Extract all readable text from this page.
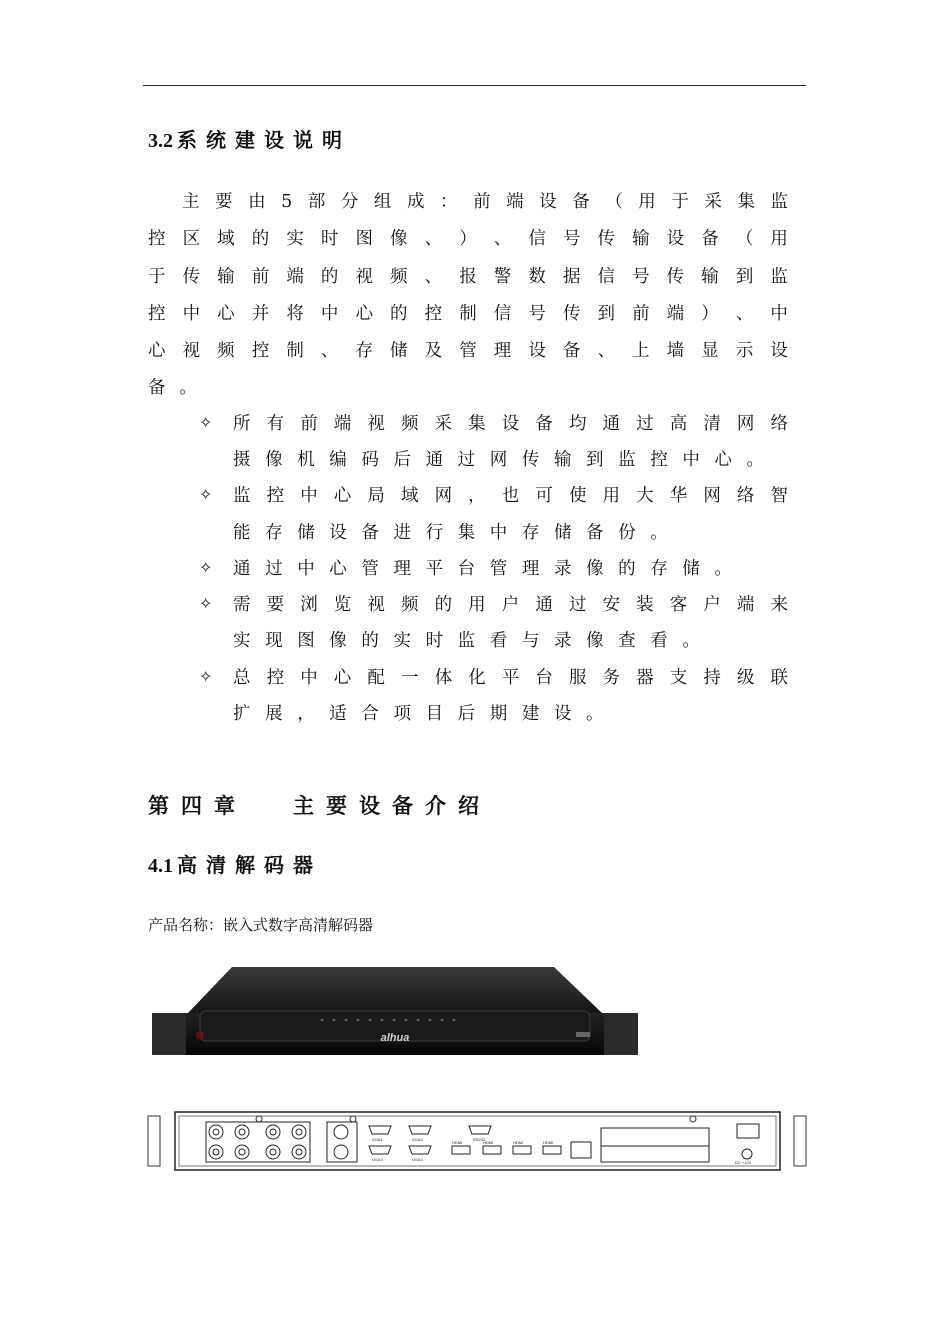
3.2 系统建设说明
主 要 由 5 部 分 组 成 ： 前 端 设 备 （ 用 于 采 集 监
控 区 域 的 实 时 图 像 、 ） 、 信 号 传 输 设 备 （ 用
于 传 输 前 端 的 视 频 、 报 警 数 据 信 号 传 输 到 监
控 中 心 并 将 中 心 的 控 制 信 号 传 到 前 端 ） 、 中
心 视 频 控 制 、 存 储 及 管 理 设 备 、 上 墙 显 示 设
备 。
✧	所 有 前 端 视 频 采 集 设 备 均 通 过 高 清 网 络
摄 像 机 编 码 后 通 过 网 传 输 到 监 控 中 心 。
✧	监 控 中 心 局 域 网 ， 也 可 使 用 大 华 网 络 智
能 存 储 设 备 进 行 集 中 存 储 备 份 。
✧	通 过 中 心 管 理 平 台 管 理 录 像 的 存 储 。
✧	需 要 浏 览 视 频 的 用 户 通 过 安 装 客 户 端 来
实 现 图 像 的 实 时 监 看 与 录 像 查 看 。
✧	总 控 中 心 配 一 体 化 平 台 服 务 器 支 持 级 联
扩 展 ， 适 合 项 目 后 期 建 设 。
第四章 主要设备介绍
4.1 高清解码器
产品名称：嵌入式数字高清解码器
alhua
VGA1	VGA2
VGA3	VGA4
RS232
HDMI	HDMI	HDMI	HDMI
DC +12V
